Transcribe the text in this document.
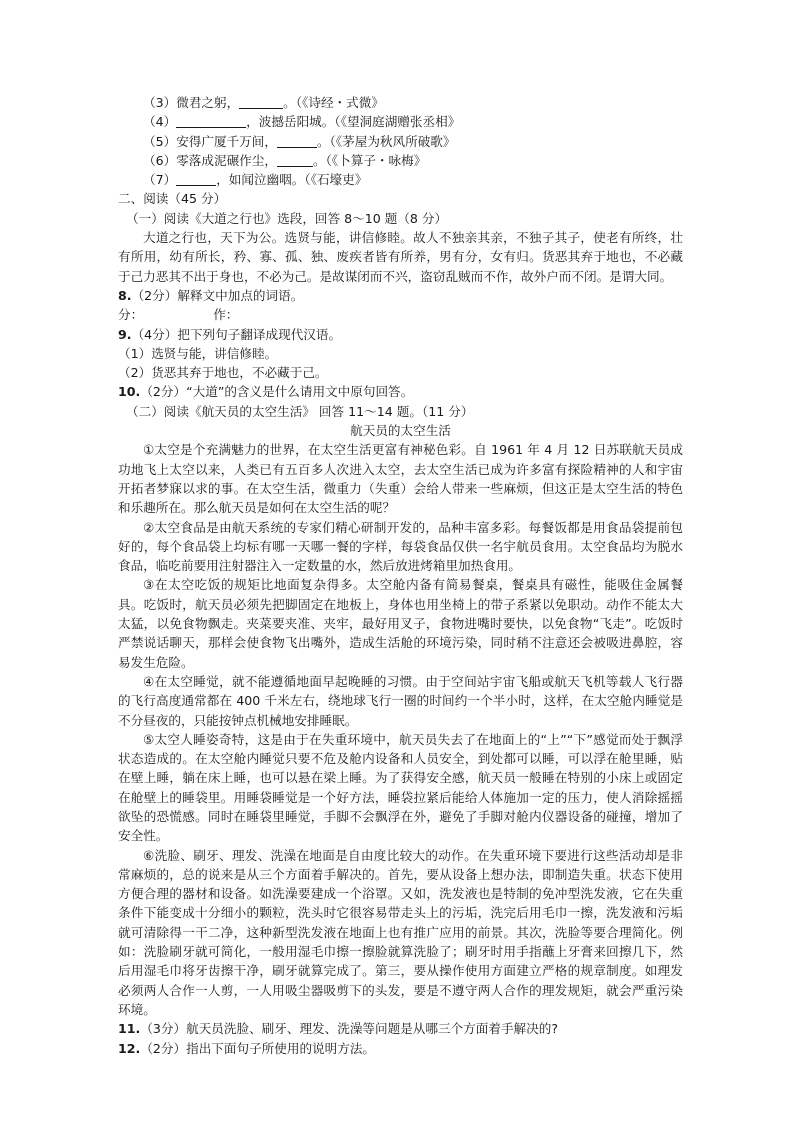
（3）微君之躬，	。（《诗经・式微》
（4）	，波撼岳阳城。（《望洞庭湖赠张丞相》
（5）安得广厦千万间，	。（《茅屋为秋风所破歌》
（6）零落成泥碾作尘，	。（《卜算子・咏梅》
（7）	，如闻泣幽咽。（《石壕吏》
二、阅读（45 分）
（一）阅读《大道之行也》选段，回答 8～10 题（8 分）
大道之行也，天下为公。选贤与能，讲信修睦。故人不独亲其亲，不独子其子，使老有所终，壮有所用，幼有所长，矜、寡、孤、独、废疾者皆有所养，男有分，女有归。货恶其弃于地也，不必藏于己力恶其不出于身也，不必为己。是故谋闭而不兴，盗窃乱贼而不作，故外户而不闭。是谓大同。
8.（2分）解释文中加点的词语。
分：	作：
9.（4分）把下列句子翻译成现代汉语。
（1）选贤与能，讲信修睦。
（2）货恶其弃于地也，不必藏于己。
10.（2分）“大道”的含义是什么请用文中原句回答。
（二）阅读《航天员的太空生活》 回答 11～14 题。（11 分）
航天员的太空生活
①太空是个充满魅力的世界，在太空生活更富有神秘色彩。自 1961 年 4 月 12 日苏联航天员成功地飞上太空以来，人类已有五百多人次进入太空，去太空生活已成为许多富有探险精神的人和宇宙开拓者梦寐以求的事。在太空生活，微重力（失重）会给人带来一些麻烦，但这正是太空生活的特色和乐趣所在。那么航天员是如何在太空生活的呢？
②太空食品是由航天系统的专家们精心研制开发的，品种丰富多彩。每餐饭都是用食品袋提前包好的，每个食品袋上均标有哪一天哪一餐的字样，每袋食品仅供一名宇航员食用。太空食品均为脱水食品，临吃前要用注射器注入一定数量的水，然后放进烤箱里加热食用。
③在太空吃饭的规矩比地面复杂得多。太空舱内备有简易餐桌，餐桌具有磁性，能吸住金属餐具。吃饭时，航天员必须先把脚固定在地板上，身体也用坐椅上的带子系紧以免职动。动作不能太大太猛，以免食物飘走。夹菜要夹准、夹牢，最好用叉子，食物进嘴时要快，以免食物“飞走”。吃饭时严禁说话聊天，那样会使食物飞出嘴外，造成生活舱的环境污染，同时稍不注意还会被吸进鼻腔，容易发生危险。
④在太空睡觉，就不能遵循地面早起晚睡的习惯。由于空间站宇宙飞船或航天飞机等载人飞行器的飞行高度通常都在 400 千米左右，绕地球飞行一圈的时间约一个半小时，这样，在太空舱内睡觉是不分昼夜的，只能按钟点机械地安排睡眠。
⑤太空人睡姿奇特，这是由于在失重环境中，航天员失去了在地面上的“上”“下”感觉而处于飘浮状态造成的。在太空舱内睡觉只要不危及舱内设备和人员安全，到处都可以睡，可以浮在舱里睡，贴在壁上睡，躺在床上睡，也可以悬在梁上睡。为了获得安全感，航天员一般睡在特别的小床上或固定在舱壁上的睡袋里。用睡袋睡觉是一个好方法，睡袋拉紧后能给人体施加一定的压力，使人消除摇摇欲坠的恐慌感。同时在睡袋里睡觉，手脚不会飘浮在外，避免了手脚对舱内仪器设备的碰撞，增加了安全性。
⑥洗脸、刷牙、理发、洗澡在地面是自由度比较大的动作。在失重环境下要进行这些活动却是非常麻烦的，总的说来是从三个方面着手解决的。首先，要从设备上想办法，即制造失重。状态下使用方便合理的器材和设备。如洗澡要建成一个浴罩。又如，洗发液也是特制的免冲型洗发液，它在失重条件下能变成十分细小的颗粒，洗头时它很容易带走头上的污垢，洗完后用毛巾一擦，洗发液和污垢就可清除得一干二净，这种新型洗发液在地面上也有推广应用的前景。其次，洗脸等要合理简化。例如：洗脸刷牙就可简化，一般用湿毛巾擦一擦脸就算洗脸了；刷牙时用手指蘸上牙膏来回擦几下，然后用湿毛巾将牙齿擦干净，刷牙就算完成了。第三，要从操作使用方面建立严格的规章制度。如理发必须两人合作一人剪，一人用吸尘器吸剪下的头发，要是不遵守两人合作的理发规矩，就会严重污染环境。
11.（3分）航天员洗脸、刷牙、理发、洗澡等问题是从哪三个方面着手解决的?
12.（2分）指出下面句子所使用的说明方法。
